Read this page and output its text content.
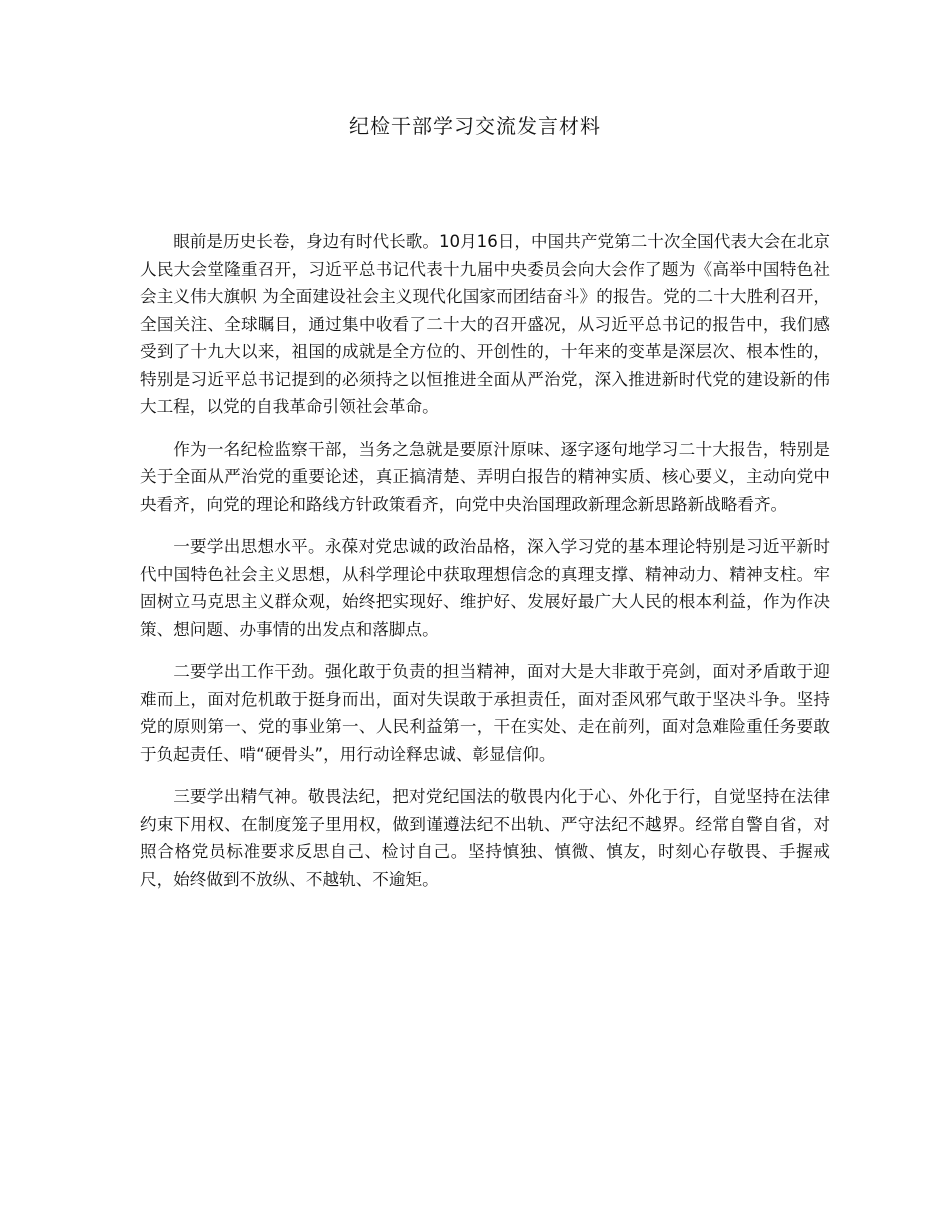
纪检干部学习交流发言材料

眼前是历史长卷，身边有时代长歌。10月16日，中国共产党第二十次全国代表大会在北京人民大会堂隆重召开，习近平总书记代表十九届中央委员会向大会作了题为《高举中国特色社会主义伟大旗帜 为全面建设社会主义现代化国家而团结奋斗》的报告。党的二十大胜利召开，全国关注、全球瞩目，通过集中收看了二十大的召开盛况，从习近平总书记的报告中，我们感受到了十九大以来，祖国的成就是全方位的、开创性的，十年来的变革是深层次、根本性的，特别是习近平总书记提到的必须持之以恒推进全面从严治党，深入推进新时代党的建设新的伟大工程，以党的自我革命引领社会革命。

作为一名纪检监察干部，当务之急就是要原汁原味、逐字逐句地学习二十大报告，特别是关于全面从严治党的重要论述，真正搞清楚、弄明白报告的精神实质、核心要义，主动向党中央看齐，向党的理论和路线方针政策看齐，向党中央治国理政新理念新思路新战略看齐。

一要学出思想水平。永葆对党忠诚的政治品格，深入学习党的基本理论特别是习近平新时代中国特色社会主义思想，从科学理论中获取理想信念的真理支撑、精神动力、精神支柱。牢固树立马克思主义群众观，始终把实现好、维护好、发展好最广大人民的根本利益，作为作决策、想问题、办事情的出发点和落脚点。

二要学出工作干劲。强化敢于负责的担当精神，面对大是大非敢于亮剑，面对矛盾敢于迎难而上，面对危机敢于挺身而出，面对失误敢于承担责任，面对歪风邪气敢于坚决斗争。坚持党的原则第一、党的事业第一、人民利益第一，干在实处、走在前列，面对急难险重任务要敢于负起责任、啃“硬骨头”，用行动诠释忠诚、彰显信仰。

三要学出精气神。敬畏法纪，把对党纪国法的敬畏内化于心、外化于行，自觉坚持在法律约束下用权、在制度笼子里用权，做到谨遵法纪不出轨、严守法纪不越界。经常自警自省，对照合格党员标准要求反思自己、检讨自己。坚持慎独、慎微、慎友，时刻心存敬畏、手握戒尺，始终做到不放纵、不越轨、不逾矩。
